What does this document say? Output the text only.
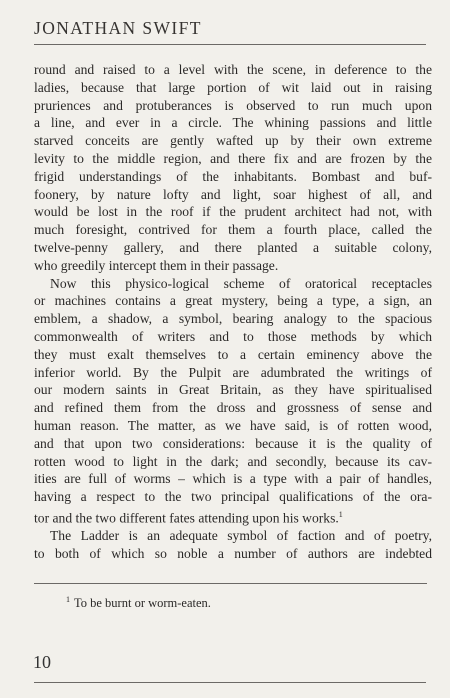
JONATHAN SWIFT
round and raised to a level with the scene, in deference to the
ladies, because that large portion of wit laid out in raising
pruriences and protuberances is observed to run much upon
a line, and ever in a circle. The whining passions and little
starved conceits are gently wafted up by their own extreme
levity to the middle region, and there fix and are frozen by the
frigid understandings of the inhabitants. Bombast and buf-
foonery, by nature lofty and light, soar highest of all, and
would be lost in the roof if the prudent architect had not, with
much foresight, contrived for them a fourth place, called the
twelve-penny gallery, and there planted a suitable colony,
who greedily intercept them in their passage.
Now this physico-logical scheme of oratorical receptacles
or machines contains a great mystery, being a type, a sign, an
emblem, a shadow, a symbol, bearing analogy to the spacious
commonwealth of writers and to those methods by which
they must exalt themselves to a certain eminency above the
inferior world. By the Pulpit are adumbrated the writings of
our modern saints in Great Britain, as they have spiritualised
and refined them from the dross and grossness of sense and
human reason. The matter, as we have said, is of rotten wood,
and that upon two considerations: because it is the quality of
rotten wood to light in the dark; and secondly, because its cav-
ities are full of worms – which is a type with a pair of handles,
having a respect to the two principal qualifications of the ora-
tor and the two different fates attending upon his works.$^1$
The Ladder is an adequate symbol of faction and of poetry,
to both of which so noble a number of authors are indebted
$^1$ To be burnt or worm-eaten.
10
